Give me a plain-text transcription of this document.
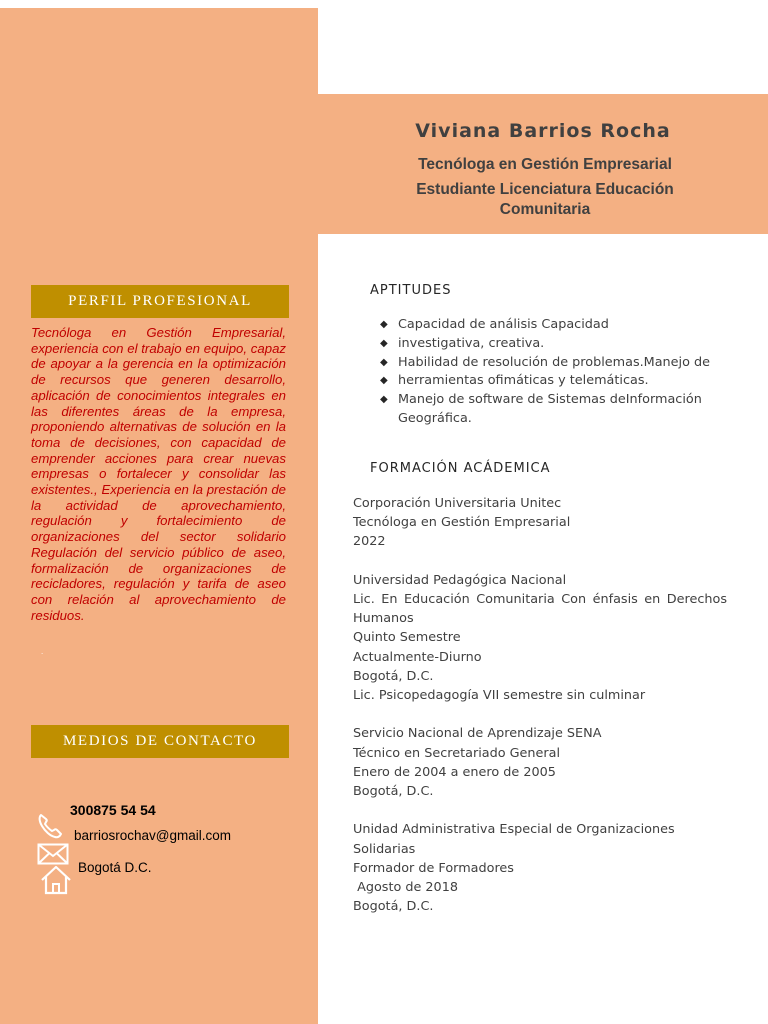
Viviana Barrios Rocha
Tecnóloga en Gestión Empresarial
Estudiante Licenciatura Educación Comunitaria
PERFIL PROFESIONAL
Tecnóloga en Gestión Empresarial, experiencia con el trabajo en equipo, capaz de apoyar a la gerencia en la optimización de recursos que generen desarrollo, aplicación de conocimientos integrales en las diferentes áreas de la empresa, proponiendo alternativas de solución en la toma de decisiones, con capacidad de emprender acciones para crear nuevas empresas o fortalecer y consolidar las existentes., Experiencia en la prestación de la actividad de aprovechamiento, regulación y fortalecimiento de organizaciones del sector solidario Regulación del servicio público de aseo, formalización de organizaciones de recicladores, regulación y tarifa de aseo con relación al aprovechamiento de residuos.
.
MEDIOS DE CONTACTO
300875 54 54
barriosrochav@gmail.com
Bogotá D.C.
APTITUDES
◆ Capacidad de análisis Capacidad
◆ investigativa, creativa.
◆ Habilidad de resolución de problemas.Manejo de
◆ herramientas ofimáticas y telemáticas.
◆ Manejo de software de Sistemas deInformación
Geográfica.
FORMACIÓN ACÁDEMICA
Corporación Universitaria Unitec
Tecnóloga en Gestión Empresarial
2022
Universidad Pedagógica Nacional
Lic. En Educación Comunitaria Con énfasis en Derechos
Humanos
Quinto Semestre
Actualmente-Diurno
Bogotá, D.C.
Lic. Psicopedagogía VII semestre sin culminar
Servicio Nacional de Aprendizaje SENA
Técnico en Secretariado General
Enero de 2004 a enero de 2005
Bogotá, D.C.
Unidad Administrativa Especial de Organizaciones Solidarias
Formador de Formadores
Agosto de 2018
Bogotá, D.C.
